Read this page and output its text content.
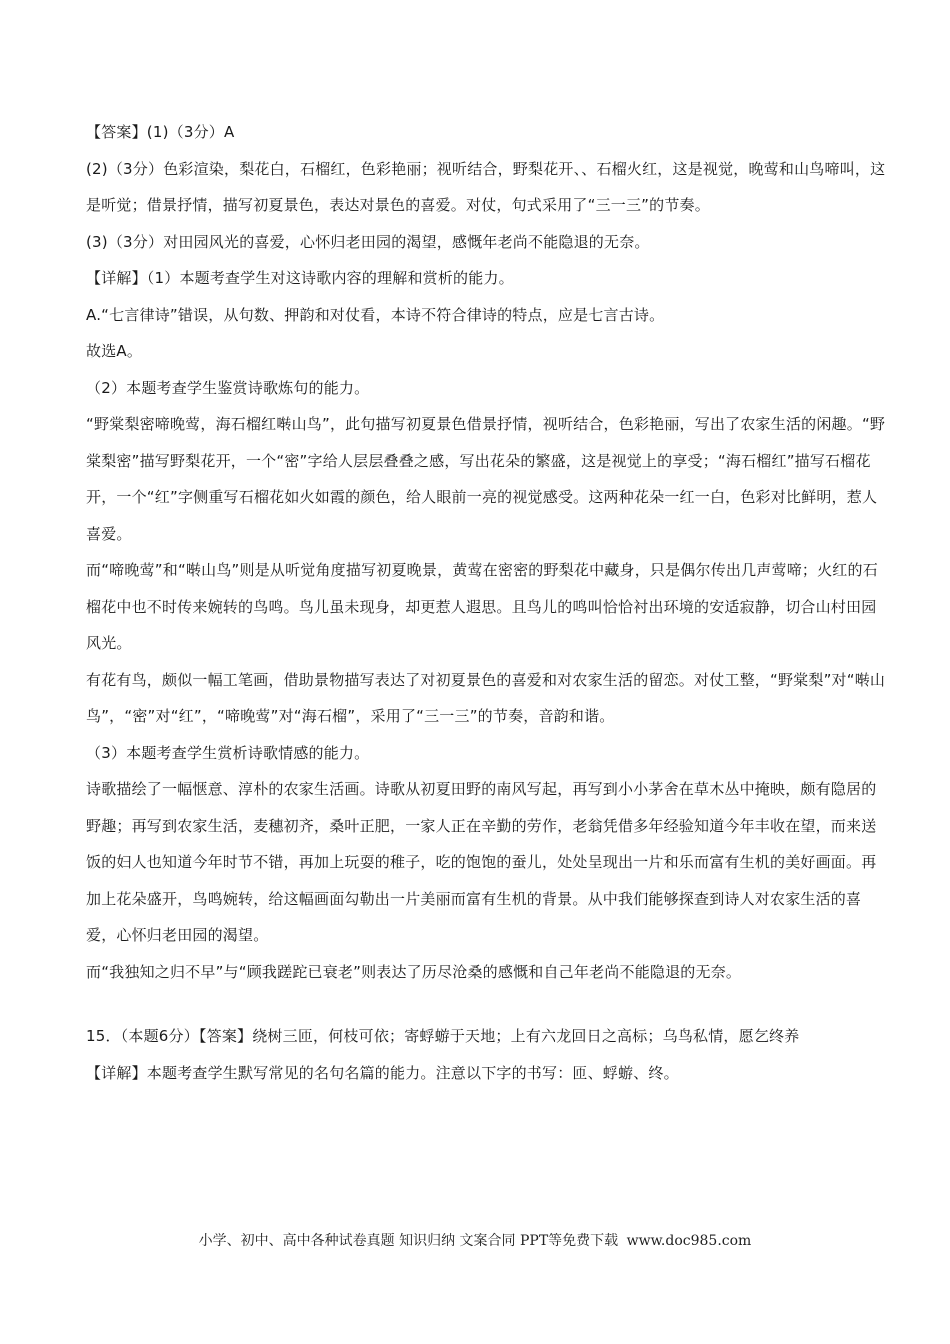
【答案】(1)（3分）A

(2)（3分）色彩渲染，梨花白，石榴红，色彩艳丽；视听结合，野梨花开、、石榴火红，这是视觉，晚莺和山鸟啼叫，这是听觉；借景抒情，描写初夏景色，表达对景色的喜爱。对仗，句式采用了“三一三”的节奏。

(3)（3分）对田园风光的喜爱，心怀归老田园的渴望，感慨年老尚不能隐退的无奈。

【详解】（1）本题考查学生对这诗歌内容的理解和赏析的能力。

A.“七言律诗”错误，从句数、押韵和对仗看，本诗不符合律诗的特点，应是七言古诗。

故选A。

（2）本题考查学生鉴赏诗歌炼句的能力。

“野棠梨密啼晚莺，海石榴红啭山鸟”，此句描写初夏景色借景抒情，视听结合，色彩艳丽，写出了农家生活的闲趣。“野棠梨密”描写野梨花开，一个“密”字给人层层叠叠之感，写出花朵的繁盛，这是视觉上的享受；“海石榴红”描写石榴花开，一个“红”字侧重写石榴花如火如霞的颜色，给人眼前一亮的视觉感受。这两种花朵一红一白，色彩对比鲜明，惹人喜爱。

而“啼晚莺”和“啭山鸟”则是从听觉角度描写初夏晚景，黄莺在密密的野梨花中藏身，只是偶尔传出几声莺啼；火红的石榴花中也不时传来婉转的鸟鸣。鸟儿虽未现身，却更惹人遐思。且鸟儿的鸣叫恰恰衬出环境的安适寂静，切合山村田园风光。

有花有鸟，颇似一幅工笔画，借助景物描写表达了对初夏景色的喜爱和对农家生活的留恋。对仗工整，“野棠梨”对“啭山鸟”，“密”对“红”，“啼晚莺”对“海石榴”，采用了“三一三”的节奏，音韵和谐。

（3）本题考查学生赏析诗歌情感的能力。

诗歌描绘了一幅惬意、淳朴的农家生活画。诗歌从初夏田野的南风写起，再写到小小茅舍在草木丛中掩映，颇有隐居的野趣；再写到农家生活，麦穗初齐，桑叶正肥，一家人正在辛勤的劳作，老翁凭借多年经验知道今年丰收在望，而来送饭的妇人也知道今年时节不错，再加上玩耍的稚子，吃的饱饱的蚕儿，处处呈现出一片和乐而富有生机的美好画面。再加上花朵盛开，鸟鸣婉转，给这幅画面勾勒出一片美丽而富有生机的背景。从中我们能够探查到诗人对农家生活的喜爱，心怀归老田园的渴望。

而“我独知之归不早”与“顾我蹉跎已衰老”则表达了历尽沧桑的感慨和自己年老尚不能隐退的无奈。

15．（本题6分）【答案】绕树三匝，何枝可依；寄蜉蝣于天地；上有六龙回日之高标；乌鸟私情，愿乞终养

【详解】本题考查学生默写常见的名句名篇的能力。注意以下字的书写：匝、蜉蝣、终。

小学、初中、高中各种试卷真题 知识归纳 文案合同 PPT等免费下载 www.doc985.com
